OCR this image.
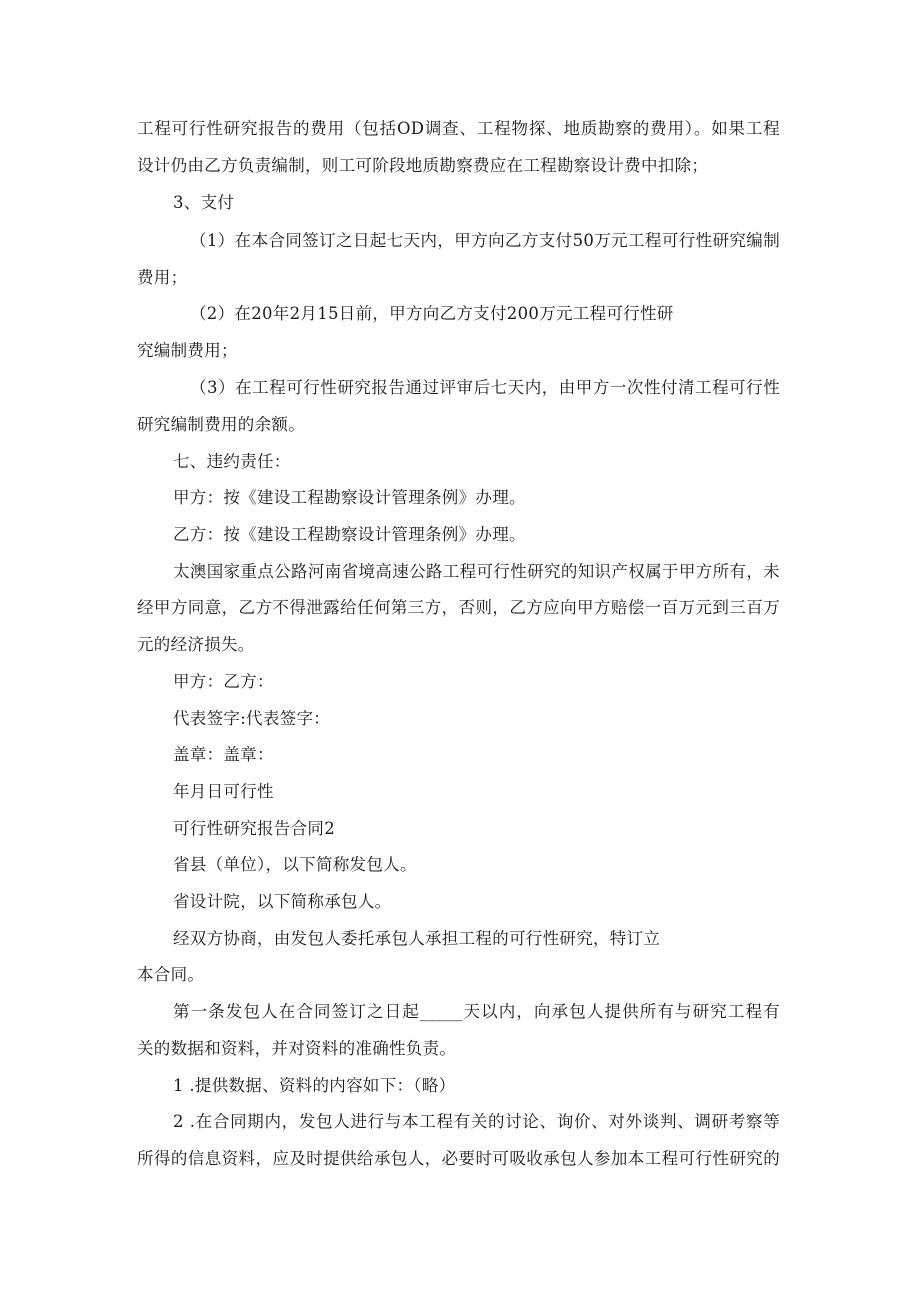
工程可行性研究报告的费用（包括OD调查、工程物探、地质勘察的费用）。如果工程
设计仍由乙方负责编制，则工可阶段地质勘察费应在工程勘察设计费中扣除；
3、支付
（1）在本合同签订之日起七天内，甲方向乙方支付50万元工程可行性研究编制
费用；
（2）在20年2月15日前，甲方向乙方支付200万元工程可行性研
究编制费用；
（3）在工程可行性研究报告通过评审后七天内，由甲方一次性付清工程可行性
研究编制费用的余额。
七、违约责任：
甲方：按《建设工程勘察设计管理条例》办理。
乙方：按《建设工程勘察设计管理条例》办理。
太澳国家重点公路河南省境高速公路工程可行性研究的知识产权属于甲方所有，未
经甲方同意，乙方不得泄露给任何第三方，否则，乙方应向甲方赔偿一百万元到三百万
元的经济损失。
甲方：乙方：
代表签字:代表签字：
盖章：盖章：
年月日可行性
可行性研究报告合同2
省县（单位），以下简称发包人。
省设计院，以下简称承包人。
经双方协商，由发包人委托承包人承担工程的可行性研究，特订立
本合同。
第一条发包人在合同签订之日起_____天以内，向承包人提供所有与研究工程有
关的数据和资料，并对资料的准确性负责。
1 .提供数据、资料的内容如下：（略）
2 .在合同期内，发包人进行与本工程有关的讨论、询价、对外谈判、调研考察等
所得的信息资料，应及时提供给承包人，必要时可吸收承包人参加本工程可行性研究的
